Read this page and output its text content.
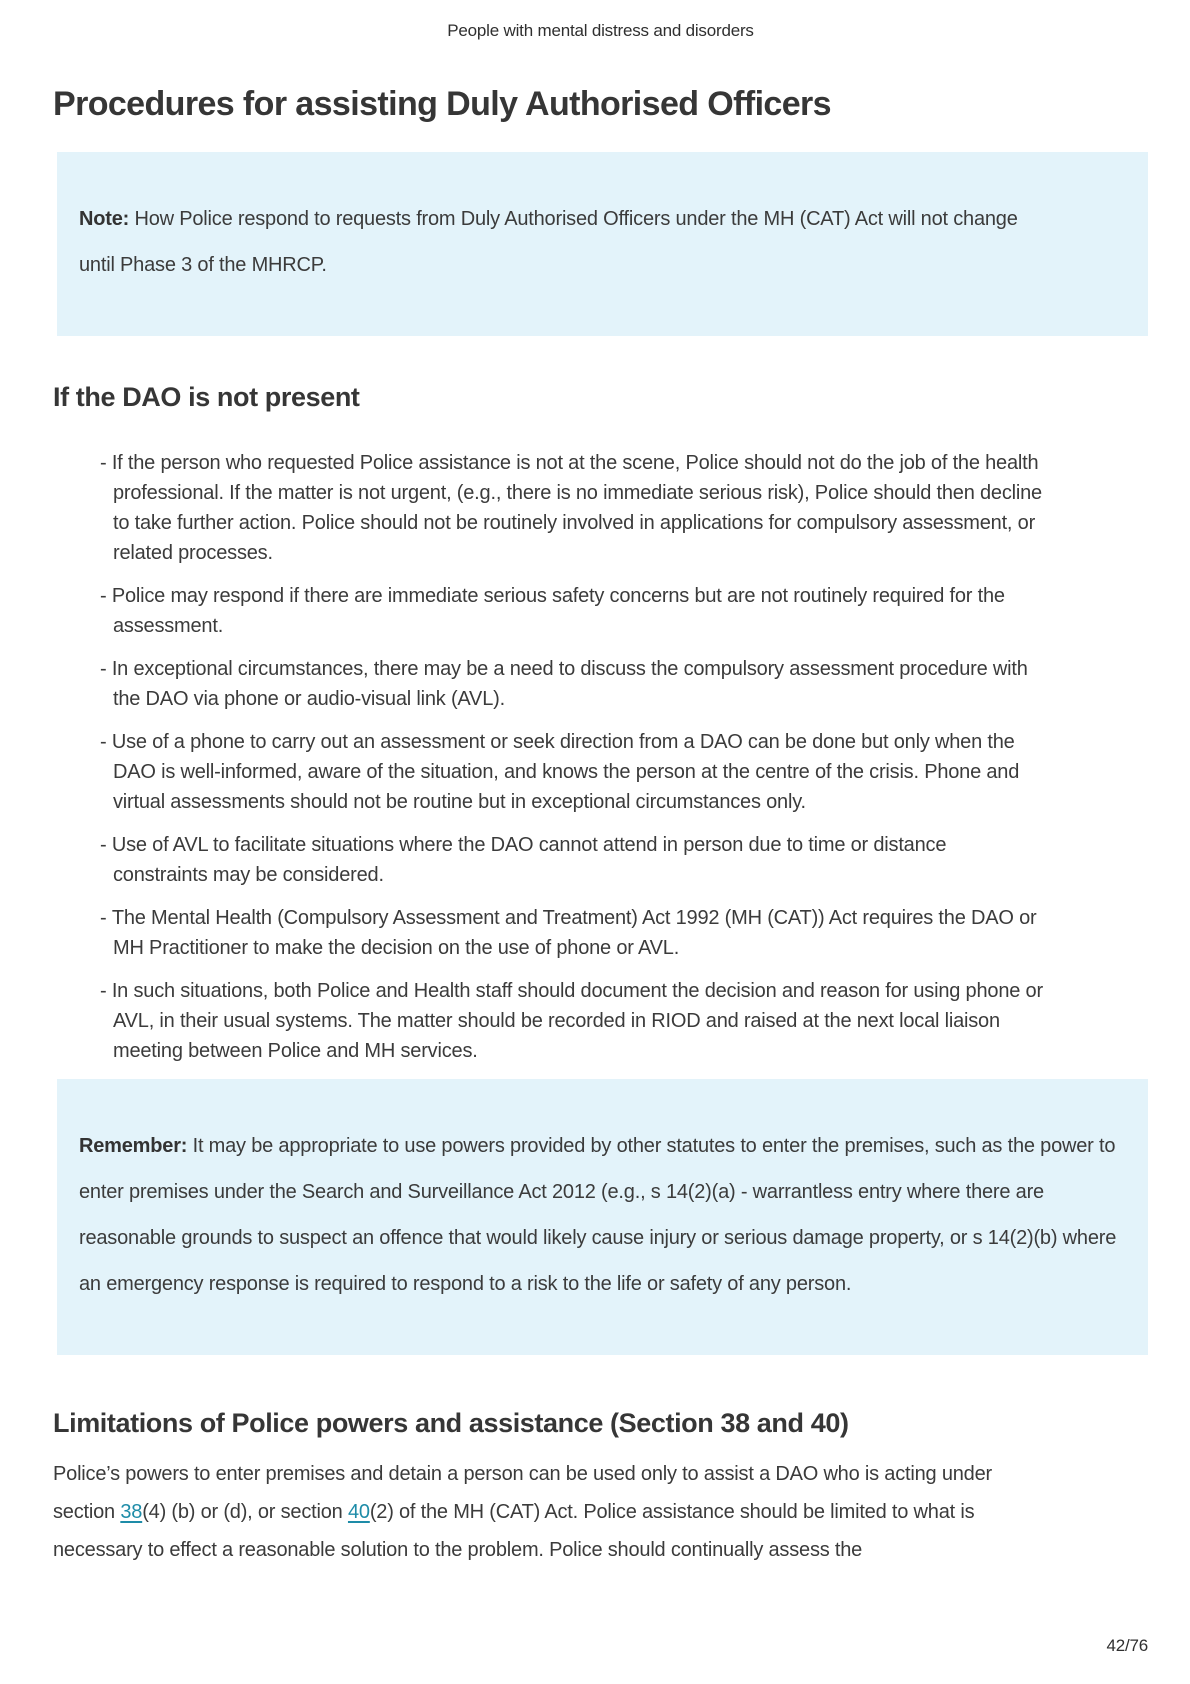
People with mental distress and disorders
Procedures for assisting Duly Authorised Officers

Note: How Police respond to requests from Duly Authorised Officers under the MH (CAT) Act will not change until Phase 3 of the MHRCP.

If the DAO is not present
- If the person who requested Police assistance is not at the scene, Police should not do the job of the health professional. If the matter is not urgent, (e.g., there is no immediate serious risk), Police should then decline to take further action. Police should not be routinely involved in applications for compulsory assessment, or related processes.
- Police may respond if there are immediate serious safety concerns but are not routinely required for the assessment.
- In exceptional circumstances, there may be a need to discuss the compulsory assessment procedure with the DAO via phone or audio-visual link (AVL).
- Use of a phone to carry out an assessment or seek direction from a DAO can be done but only when the DAO is well-informed, aware of the situation, and knows the person at the centre of the crisis. Phone and virtual assessments should not be routine but in exceptional circumstances only.
- Use of AVL to facilitate situations where the DAO cannot attend in person due to time or distance constraints may be considered.
- The Mental Health (Compulsory Assessment and Treatment) Act 1992 (MH (CAT)) Act requires the DAO or MH Practitioner to make the decision on the use of phone or AVL.
- In such situations, both Police and Health staff should document the decision and reason for using phone or AVL, in their usual systems. The matter should be recorded in RIOD and raised at the next local liaison meeting between Police and MH services.

Remember: It may be appropriate to use powers provided by other statutes to enter the premises, such as the power to enter premises under the Search and Surveillance Act 2012 (e.g., s 14(2)(a) - warrantless entry where there are reasonable grounds to suspect an offence that would likely cause injury or serious damage property, or s 14(2)(b) where an emergency response is required to respond to a risk to the life or safety of any person.

Limitations of Police powers and assistance (Section 38 and 40)

Police’s powers to enter premises and detain a person can be used only to assist a DAO who is acting under section 38(4) (b) or (d), or section 40(2) of the MH (CAT) Act. Police assistance should be limited to what is necessary to effect a reasonable solution to the problem. Police should continually assess the

42/76
